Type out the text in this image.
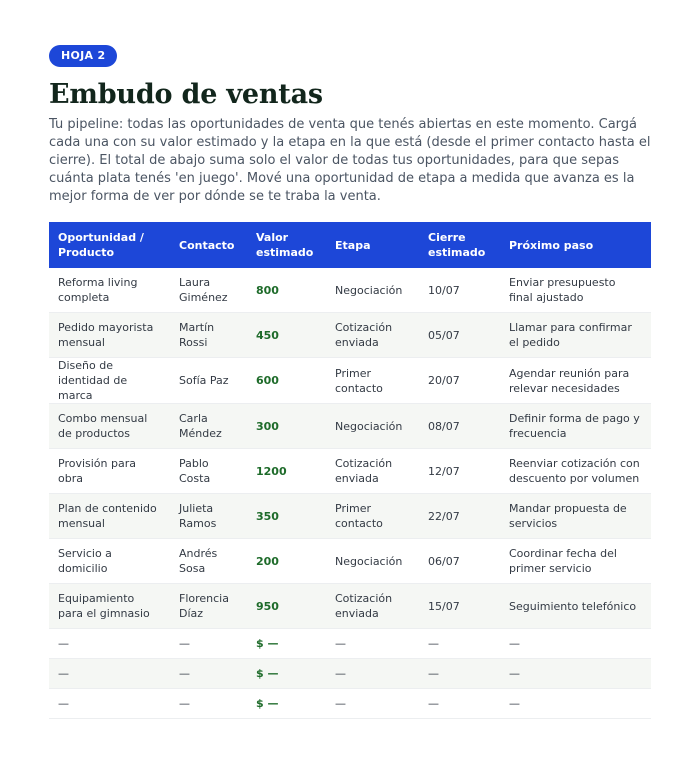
HOJA 2
Embudo de ventas

Tu pipeline: todas las oportunidades de venta que tenés abiertas en este momento. Cargá cada una con su valor estimado y la etapa en la que está (desde el primer contacto hasta el cierre). El total de abajo suma solo el valor de todas tus oportunidades, para que sepas cuánta plata tenés 'en juego'. Mové una oportunidad de etapa a medida que avanza es la mejor forma de ver por dónde se te traba la venta.

Oportunidad / Producto	Contacto	Valor estimado	Etapa	Cierre estimado	Próximo paso
Reforma living completa	Laura Giménez	800	Negociación	10/07	Enviar presupuesto final ajustado
Pedido mayorista mensual	Martín Rossi	450	Cotización enviada	05/07	Llamar para confirmar el pedido
Diseño de identidad de marca	Sofía Paz	600	Primer contacto	20/07	Agendar reunión para relevar necesidades
Combo mensual de productos	Carla Méndez	300	Negociación	08/07	Definir forma de pago y frecuencia
Provisión para obra	Pablo Costa	1200	Cotización enviada	12/07	Reenviar cotización con descuento por volumen
Plan de contenido mensual	Julieta Ramos	350	Primer contacto	22/07	Mandar propuesta de servicios
Servicio a domicilio	Andrés Sosa	200	Negociación	06/07	Coordinar fecha del primer servicio
Equipamiento para el gimnasio	Florencia Díaz	950	Cotización enviada	15/07	Seguimiento telefónico
—	—	$ —	—	—	—
—	—	$ —	—	—	—
—	—	$ —	—	—	—
